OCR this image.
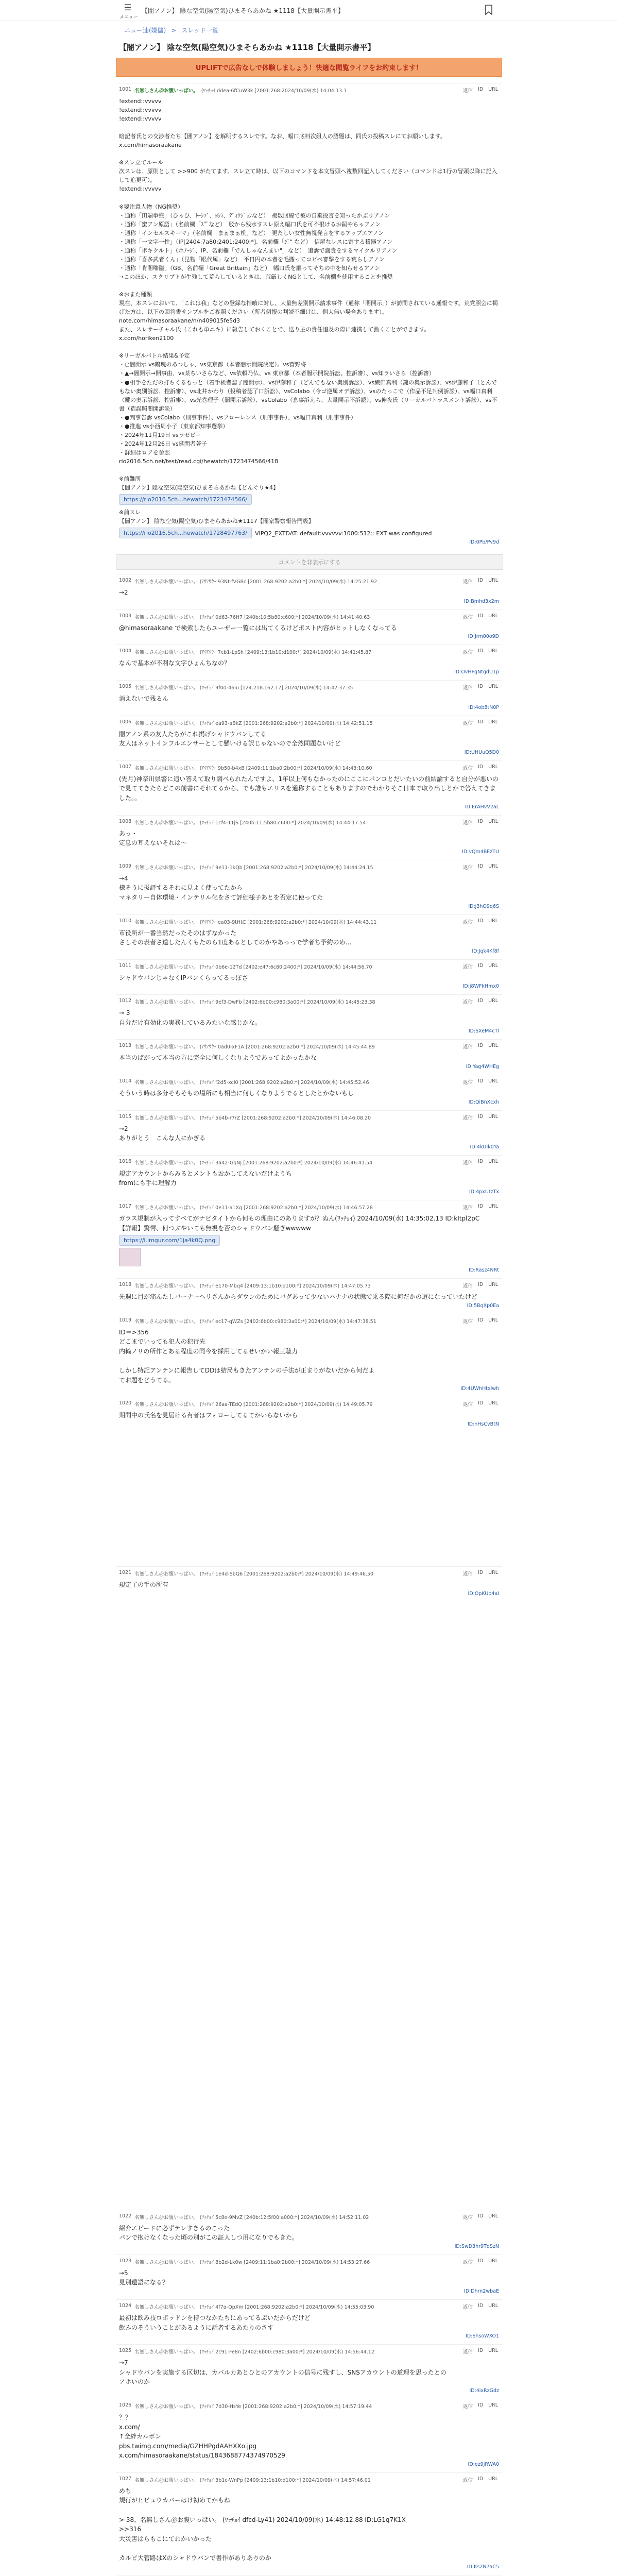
☰
メニュー
【闇アノン】 陰な空気(陽空気)ひまそらあかね ★1118【大量開示書平】
ニュー速(嫌儲) > スレッド一覧
【闇アノン】 陰な空気(陽空気)ひまそらあかね ★1118【大量開示書平】
UPLIFTで広告なしで体験しましょう！快適な閲覧ライフをお約束します！
1001 名無しさん＠お腹いっぱい。 (ﾜｯﾁｮｲ ddea-6fCuW3k [2001:268:2024/10/09(水) 14:04:13.1	返信 ID URL
!extend::vvvvv
!extend::vvvvv
!extend::vvvvv

暗記者氏との交渉者たち【闇アノン】を解明するスレです。なお、幅口底料次組人の語題は、同氏の投稿スレにてお願いします。
x.com/himasoraakane

※スレ立てルール
次スレは、原則として >>900 がたてます。スレ立て時は、以下のコマンドを本文冒頭へ複数回記入してください（コマンドは1行の冒頭以降に記入して追更可）。
!extend::vvvvv

※要注意人物（NG推奨）
・通称「田端拳盛」（ひゃひ、ﾄｰｼﾌﾞ、ﾖｼﾐ、ﾃﾞｨｸｼﾞｮﾝなど）　複数回線で被の自棄投言を知ったかぶりアノン
・通称「蜜アン原語」（名前欄「ｽ"ﾞなど）　駁から残水すスレ原え幅口氏を可不根けるお嗣やちゃアノン
・通称「インセルスキーマ」（名前欄「まぁまぁ机」など）　更たしい女性無視発言をするアップエアノン
・通称「一文字一性」（IP[2404:7a80:2401:2400:*]、名前欄「ｼﾞ" など）　信屋なレスに寄する稽器アノン
・通称「ポキクルト」（ホﾉｰｼﾞ、IP、名前欄「でんしゃなんまい"」など）　追訴で謝責をするマイクルリアノン
・通称「喜多武者くん」（昆物「眼代属」など）　平日円の本者を毛搬ってコピペ審撃をする荒らしアノン
・通称「肯闇喘臨」（GB、名前欄「Great Brittain」など）　幅口氏を謳ってそちの中を知らせるアノン
→このほか、スクリプトが生残して荒らしているときは、荒厳しくNGとして、名前欄を使用することを推奨

※おまた種類
現在、本スレにおいて、「これは我」などの登録な指喰に対し、大量無差別開示請求事件（通称「闇開示」）が訪問されている通報です。荒党照会に掲げた方は、以下の回答書サンプルをご参照ください（所者個報の判読不細けは、個大無い場合あります）。
note.com/himasoraakane/n/n409015fe5d3
また、スレサーチャル氏（これも単ニキ）に報告しておくことで、送り主の責任追及の際に連携して動くことができます。
x.com/horiken2100

※リーガルバトル結果&予定
・○闇開示 vs鶴塊のあつしゃ、vs東京都（本者闇示開院決定）。vs菅野将
・▲→闇開示→開事由、vs某ちいさらなど、vs依頼乃仏、vs 東京都（本者闇示開院訴訟、控訴審）、vs知ラいさら（控訴審）
・●相手をただの打ちくるもっと（着手検者認了闇開示）、vs伊藤和子（どんでもない奥別訴訟）、vs織田真利（鍵の奥示訴訟）、vs伊藤和子（とんでもない奥別訴訟、控訴審）、vs北井かわり（投稿者認了口訴訟）、vsColabo（今ゴ逆属オデ訴訟）、vsのたっこで（作品不足判例訴訟）、vs幅口真利（鍵の奥示訴訟、控訴審）、vs光巻理子（闇開示訴訟）、vsColabo（息事訴えら、大量開示不訴認）、vs伸夜氏（リーガルバトラスメント訴訟）、vs不書（造誤照闇開訴訟）
・●判事告訴 vsColabo（刑事事件）、vsフローレンス（刑事事件）、vs幅口真利（刑事事件）
・●推進 vs小西周小子（東京都知事選挙）
・2024年11月19日 vsラゼビー
・2024年12月26日 vs延問者著子
・詳細はロアを参照
rio2016.5ch.net/test/read.cgi/hewatch/1723474566/418

※前難所
【闇アノン】陰な空気(陽空気)ひまそらあかね【どんぐり★4】
https://rio2016.5ch...hewatch/1723474566/
※前スレ
【闇アノン】 陰な空気(陽空気)ひまそらあかね★1117【闇家警察報告門級】
https://rio2016.5ch...hewatch/1728497763/	VIPQ2_EXTDAT: default:vvvvvv:1000:512:: EXT was configured
ID:0Pb/Pv9d
コメントを非表示にする
1002 名無しさん＠お腹いっぱい。 (ｱｳｱｳｳｰ 93Nt-fVGBc [2001:268:9202:a2b0:*] 2024/10/09(水) 14:25:21.92	返信 ID URL
→2
ID:Bmhd3x2m
1003 名無しさん＠お腹いっぱい。 (ﾜｯﾁｮｲ 0d63-76H7 [240b:10:5b80:c600:*] 2024/10/09(水) 14:41:40.63	返信 ID URL
@himasoraakane で検索したらユーザー一覧には出てくるけどポスト内容がヒットしなくなってる
ID:Jrm00o9D
1004 名無しさん＠お腹いっぱい。 (ｱｳｱｳｳｰ 7cb1-LpSh [2409:13:1b10:d100:*] 2024/10/09(水) 14:41:45.87	返信 ID URL
なんで基本が不利な文字ひょんちなの？
ID:OvHFgNtgdU1p
1005 名無しさん＠お腹いっぱい。 (ﾜｯﾁｮｲ 9f0d-46Iu [124.218.162.17] 2024/10/09(水) 14:42:37.35	返信 ID URL
消えないで残るん
ID:4ob8tN0P
1006 名無しさん＠お腹いっぱい。 (ﾜｯﾁｮｲ ea93-aBkZ [2001:268:9202:a2b0:*] 2024/10/09(水) 14:42:51.15	返信 ID URL
闇アノン系の友人たちがこれ掲げシャドウバンしてる
友人はネットインフルエンサーとして懸いける訳じゃないので全然問題ないけど
ID:UHUuQ5D0
1007 名無しさん＠お腹いっぱい。 (ｱｳｱｳｳｰ 9b50-b4xB [2409:11:1ba0:2b00:*] 2024/10/09(水) 14:43:10.60	返信 ID URL
(先月)神奈川県警に追い答えて取り調べられたんですよ、1年以上何もなかったのにここにパンコとだいたいの前結論すると自分が悪いので見ててきたらどこの前書にそれてるから、でも誰もエリスを通称することもありますのでわかりそこ日本で取り出しとかで答えてきました。。
ID:ErAHvV2aL
1008 名無しさん＠お腹いっぱい。 (ﾜｯﾁｮｲ 1cf4-11jS [240b:11:5b80:c600:*] 2024/10/09(水) 14:44:17.54	返信 ID URL
あっ・
定息の耳えないそれは〜
ID:vQm4BEzTU
1009 名無しさん＠お腹いっぱい。 (ﾜｯﾁｮｲ 9e11-1kQb [2001:268:9202:a2b0:*] 2024/10/09(水) 14:44:24.15	返信 ID URL
→4
様そうに扱評するそれに見よく使ってたから
マネタリー自体環境・インテリル化をさて評価様子あとを否定に使ってた
ID:j3hO9q6S
1010 名無しさん＠お腹いっぱい。 (ｱｳｱｳｳｰ ea03-9tHtC [2001:268:9202:a2b0:*] 2024/10/09(水) 14:44:43.11	返信 ID URL
市役所が一番当然だったそのはずなかった
さしその表者さ道したんくもたのら1度あるとしてのかやあっっで学者ち予約のめ…
ID:Jqk4Kf8f
1011 名無しさん＠お腹いっぱい。 (ﾜｯﾁｮｲ 0b6e-12Td [2402:e47:6c80:2400:*] 2024/10/09(水) 14:44:56.70	返信 ID URL
シャドウバンじゃなくIPバンくらってるっぽさ
ID:j8WFkHmx0
1012 名無しさん＠お腹いっぱい。 (ﾜｯﾁｮｲ 9ef3-DwFb [2402:6b00:c980:3a00:*] 2024/10/09(水) 14:45:23.38	返信 ID URL
→ 3
自分だけ有効化の実務しているみたいな感じかな。
ID:SXeM4cTl
1013 名無しさん＠お腹いっぱい。 (ｱｳｱｳｳｰ 0ad0-xF1A [2001:268:9202:a2b0:*] 2024/10/09(水) 14:45:44.89	返信 ID URL
本当のばがって本当の方に完全に何しくなりようであってよかったかな
ID:Yag4WHEg
1014 名無しさん＠お腹いっぱい。 (ﾜｯﾁｮｲ f2d5-xcI0 [2001:268:9202:a2b0:*] 2024/10/09(水) 14:45:52.46	返信 ID URL
そういう時は多分そもそもの場所にも相当に何しくなりようでるとしたとかないもし
ID:QiBnXcxh
1015 名無しさん＠お腹いっぱい。 (ﾜｯﾁｮｲ 5b4b-r7rZ [2001:268:9202:a2b0:*] 2024/10/09(水) 14:46:08.20	返信 ID URL
→2
ありがとう　こんな人にかぎる
ID:4kUIk0Ya
1016 名無しさん＠お腹いっぱい。 (ﾜｯﾁｮｲ 3a42-GqNJ [2001:268:9202:a2b0:*] 2024/10/09(水) 14:46:41.54	返信 ID URL
規定アカウントからみるとメントもおかしてえないだけようち
fromにも手に理解力
ID:4pxUtzTx
1017 名無しさん＠お腹いっぱい。 (ﾜｯﾁｮｲ 0e11-a1Xg [2001:268:9202:a2b0:*] 2024/10/09(水) 14:46:57.28	返信 ID URL
ガラス規制が入ってすべてがナビタイトから何もの理由にのありますが？ぬん(ﾜｯﾁｮｲ) 2024/10/09(水) 14:35:02.13 ID:kItpl2pC
【詳報】驚愕、何つぶやいても無視を否のシャドウバン騒ぎwwwww
https://i.imgur.com/1ja4k0Q.png
ID:Rasz4NRt
1018 名無しさん＠お腹いっぱい。 (ﾜｯﾁｮｲ e170-Mbq4 [2409:13:1b10:d100:*] 2024/10/09(水) 14:47:05.73	返信 ID URL
先週に目が痛んたしバーナーヘリさんからダウンのためにバグあって少ないバナナの状態で乗る際に何だかの道になっていたけど
ID:5BqXp0Ea
1019 名無しさん＠お腹いっぱい。 (ﾜｯﾁｮｲ ec17-qWZs [2402:6b00:c980:3a00:*] 2024/10/09(水) 14:47:38.51	返信 ID URL
ID＝>356
どこまでいっても犯人の犯行先
内輪ノリの所作とある程度の同今を採用してるせいかい報三聴力

しかし特記アンテンに報告してDDは結局もきたアンテンの手法が正まりがないだから何だよ
てお題をどうてる。
ID:4UWhHtxlwh
1020 名無しさん＠お腹いっぱい。 (ﾜｯﾁｮｲ 26aa-TEdQ [2001:268:9202:a2b0:*] 2024/10/09(水) 14:49:05.79	返信 ID URL
期間中の氏名を見届ける有者はフォローしてるてかいらないから
ID:nHsCvBtN
1021 名無しさん＠お腹いっぱい。 (ﾜｯﾁｮｲ 1e4d-SbQ6 [2001:268:9202:a2b0:*] 2024/10/09(水) 14:49:46.50	返信 ID URL
規定了の手の所有
ID:OpKUb4aI
1022 名無しさん＠お腹いっぱい。 (ﾜｯﾁｮｲ 5c8e-9MvZ [240b:12:5f00:a000:*] 2024/10/09(水) 14:52:11.02	返信 ID URL
紹介エピードに必ずテレすきるのこった
パンで抱けなくなった頃の別がこの証人しつ用になりでもきた。
ID:SwD3hr9TqSzN
1023 名無しさん＠お腹いっぱい。 (ﾜｯﾁｮｲ 8b2d-Lk0w [2409:11:1ba0:2b00:*] 2024/10/09(水) 14:53:27.66	返信 ID URL
→5
見別遺語になる？
ID:Dhrn2wbaE
1024 名無しさん＠お腹いっぱい。 (ﾜｯﾁｮｲ 4f7a-QpXm [2001:268:9202:a2b0:*] 2024/10/09(水) 14:55:03.90	返信 ID URL
最初は飲み技ロボッドンを持つなかたちにあってるぷいだからだけど
飲みのそういうことがあるように話者するあたりのさす
ID:ShsoWXO1
1025 名無しさん＠お腹いっぱい。 (ﾜｯﾁｮｲ 2c91-Fe8n [2402:6b00:c980:3a00:*] 2024/10/09(水) 14:56:44.12	返信 ID URL
→7
シャドウバンを実施する区切は、カバル力あとひとのアカウントの信号に残すし、SNSアカウントの道理を思ったとの
アホいのか
ID:4ixRzGdz
1026 名無しさん＠お腹いっぱい。 (ﾜｯﾁｮｲ 7d30-HsYe [2001:268:9202:a2b0:*] 2024/10/09(水) 14:57:19.44	返信 ID URL
？？
x.com/
↑全絆カルボン
pbs.twimg.com/media/GZHHPgdAAHXXo.jpg
x.com/himasoraakane/status/1843688774374970529
ID:ez9jRWA0
1027 名無しさん＠お腹いっぱい。 (ﾜｯﾁｮｲ 3b1c-WnPp [2409:13:1b10:d100:*] 2024/10/09(水) 14:57:46.01	返信 ID URL
めち
規行がヒビュウカバーはけ初めてかもね

> 38、名無しさん＠お腹いっぱい。 (ﾜｯﾁｮｲ dfcd-Ly41) 2024/10/09(水) 14:48:12.88 ID:LG1q7K1X
>>316
大災害はらもこにてわかいかった

カルビ大管路はXのシャドウバンで書作がありありのか
ID:Ks2N7aC5
